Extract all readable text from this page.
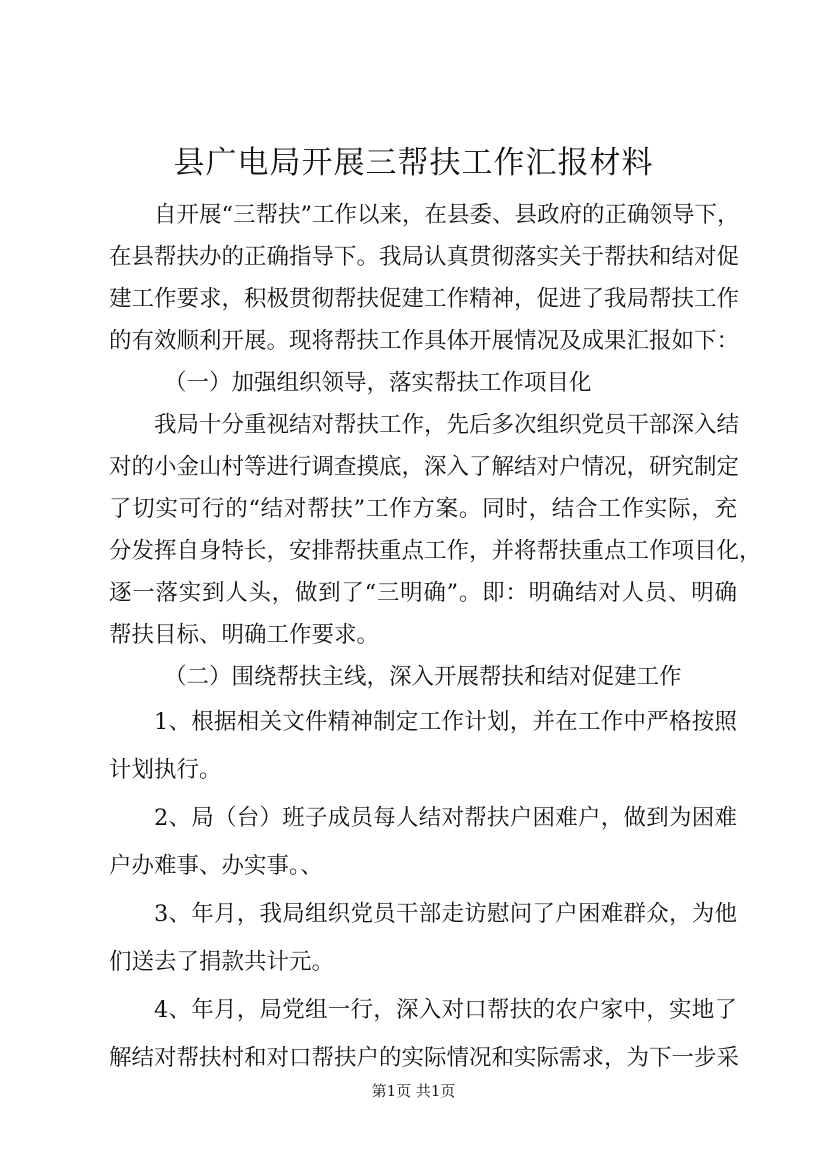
县广电局开展三帮扶工作汇报材料
自开展“三帮扶”工作以来，在县委、县政府的正确领导下，
在县帮扶办的正确指导下。我局认真贯彻落实关于帮扶和结对促
建工作要求，积极贯彻帮扶促建工作精神，促进了我局帮扶工作
的有效顺利开展。现将帮扶工作具体开展情况及成果汇报如下：
（一）加强组织领导，落实帮扶工作项目化
我局十分重视结对帮扶工作，先后多次组织党员干部深入结
对的小金山村等进行调查摸底，深入了解结对户情况，研究制定
了切实可行的“结对帮扶”工作方案。同时，结合工作实际，充
分发挥自身特长，安排帮扶重点工作，并将帮扶重点工作项目化，
逐一落实到人头，做到了“三明确”。即：明确结对人员、明确
帮扶目标、明确工作要求。
（二）围绕帮扶主线，深入开展帮扶和结对促建工作
1、根据相关文件精神制定工作计划，并在工作中严格按照
计划执行。
2、局（台）班子成员每人结对帮扶户困难户，做到为困难
户办难事、办实事。、
3、年月，我局组织党员干部走访慰问了户困难群众，为他
们送去了捐款共计元。
4、年月，局党组一行，深入对口帮扶的农户家中，实地了
解结对帮扶村和对口帮扶户的实际情况和实际需求，为下一步采
第1页 共1页
